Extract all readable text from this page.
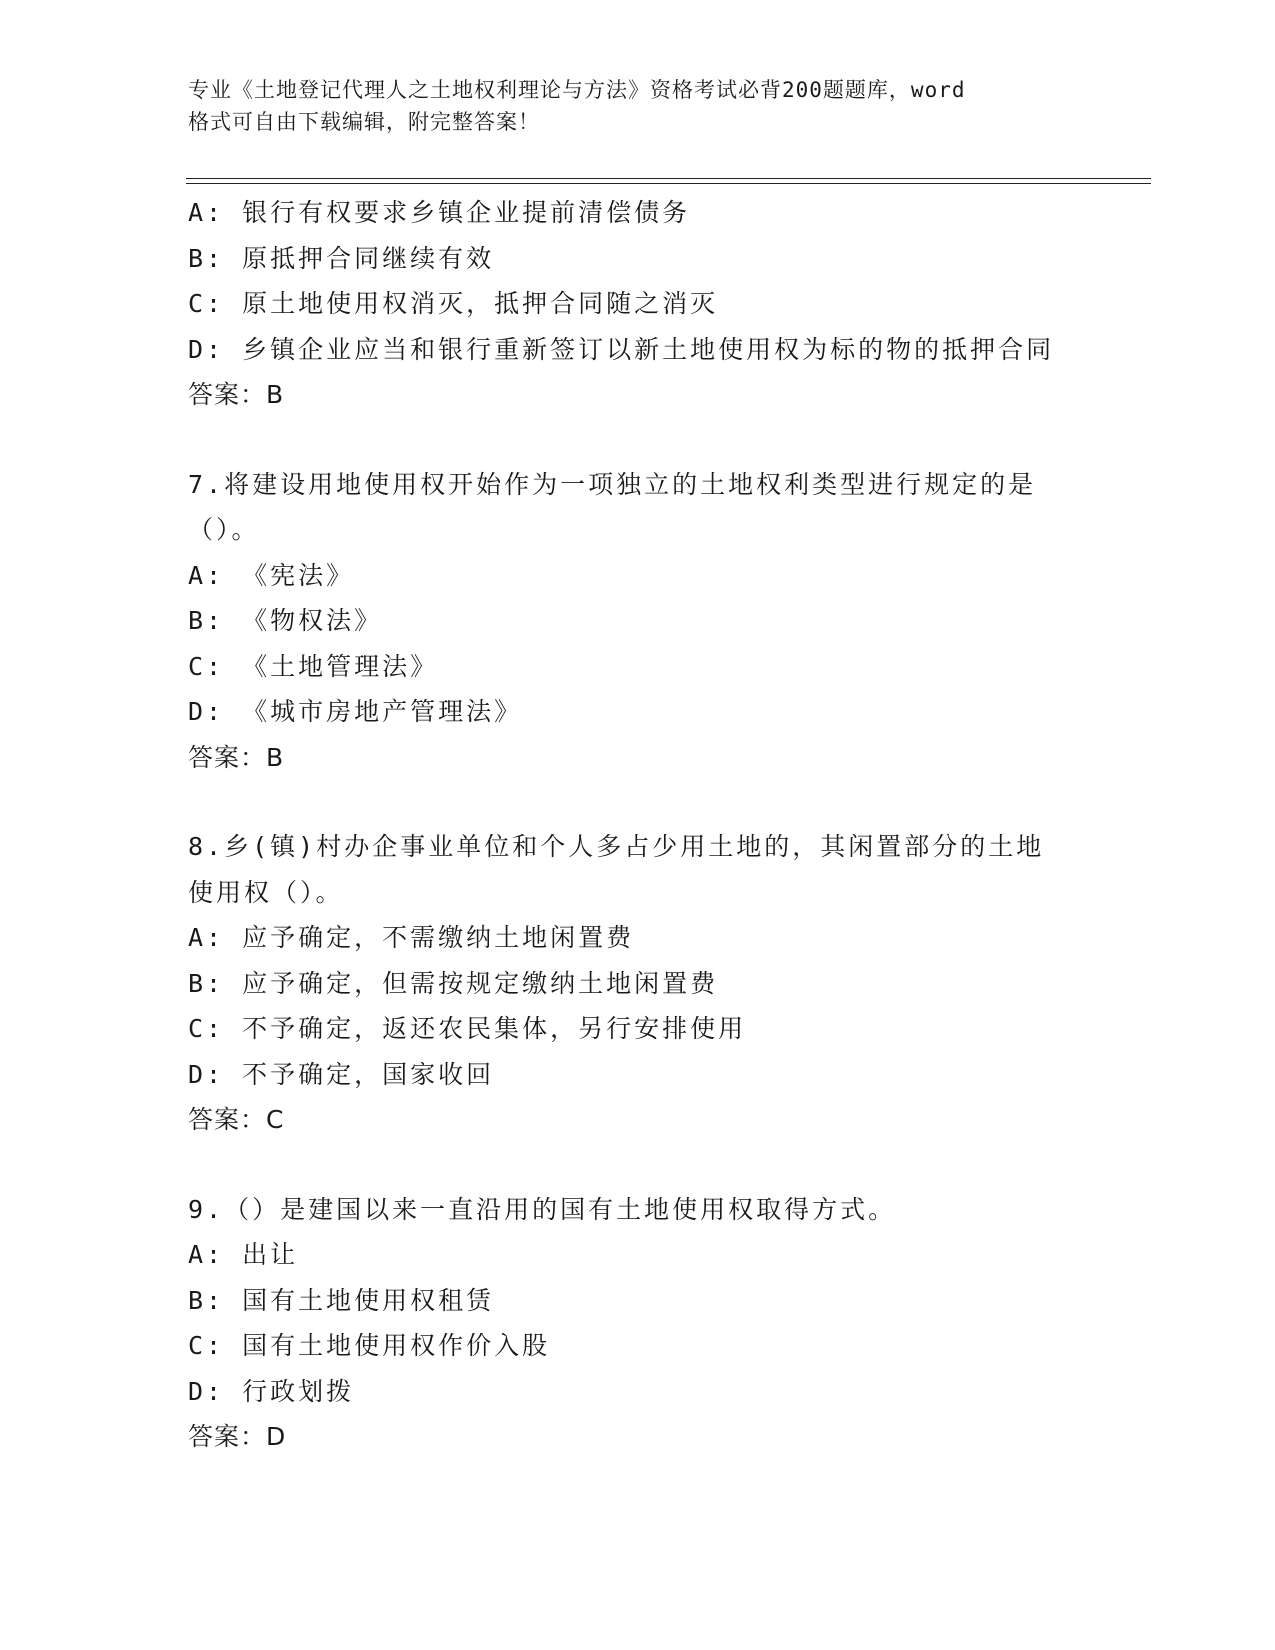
专业《土地登记代理人之土地权利理论与方法》资格考试必背200题题库，word
格式可自由下载编辑，附完整答案！
A: 银行有权要求乡镇企业提前清偿债务
B: 原抵押合同继续有效
C: 原土地使用权消灭，抵押合同随之消灭
D: 乡镇企业应当和银行重新签订以新土地使用权为标的物的抵押合同
答案：B
7.将建设用地使用权开始作为一项独立的土地权利类型进行规定的是
（）。
A: 《宪法》
B: 《物权法》
C: 《土地管理法》
D: 《城市房地产管理法》
答案：B
8.乡(镇)村办企事业单位和个人多占少用土地的，其闲置部分的土地
使用权（）。
A: 应予确定，不需缴纳土地闲置费
B: 应予确定，但需按规定缴纳土地闲置费
C: 不予确定，返还农民集体，另行安排使用
D: 不予确定，国家收回
答案：C
9.（）是建国以来一直沿用的国有土地使用权取得方式。
A: 出让
B: 国有土地使用权租赁
C: 国有土地使用权作价入股
D: 行政划拨
答案：D
